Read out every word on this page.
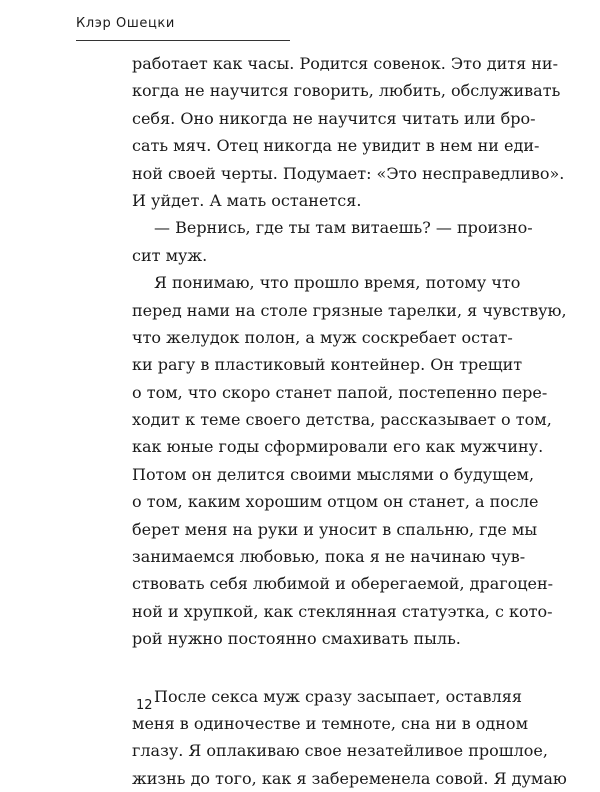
Клэр Ошецки
работает как часы. Родится совенок. Это дитя ни-
когда не научится говорить, любить, обслуживать
себя. Оно никогда не научится читать или бро-
сать мяч. Отец никогда не увидит в нем ни еди-
ной своей черты. Подумает: «Это несправедливо».
И уйдет. А мать останется.
— Вернись, где ты там витаешь? — произно-
сит муж.
Я понимаю, что прошло время, потому что
перед нами на столе грязные тарелки, я чувствую,
что желудок полон, а муж соскребает остат-
ки рагу в пластиковый контейнер. Он трещит
о том, что скоро станет папой, постепенно пере-
ходит к теме своего детства, рассказывает о том,
как юные годы сформировали его как мужчину.
Потом он делится своими мыслями о будущем,
о том, каким хорошим отцом он станет, а после
берет меня на руки и уносит в спальню, где мы
занимаемся любовью, пока я не начинаю чув-
ствовать себя любимой и оберегаемой, драгоцен-
ной и хрупкой, как стеклянная статуэтка, с кото-
рой нужно постоянно смахивать пыль.
После секса муж сразу засыпает, оставляя
меня в одиночестве и темноте, сна ни в одном
глазу. Я оплакиваю свое незатейливое прошлое,
жизнь до того, как я забеременела совой. Я думаю
12
